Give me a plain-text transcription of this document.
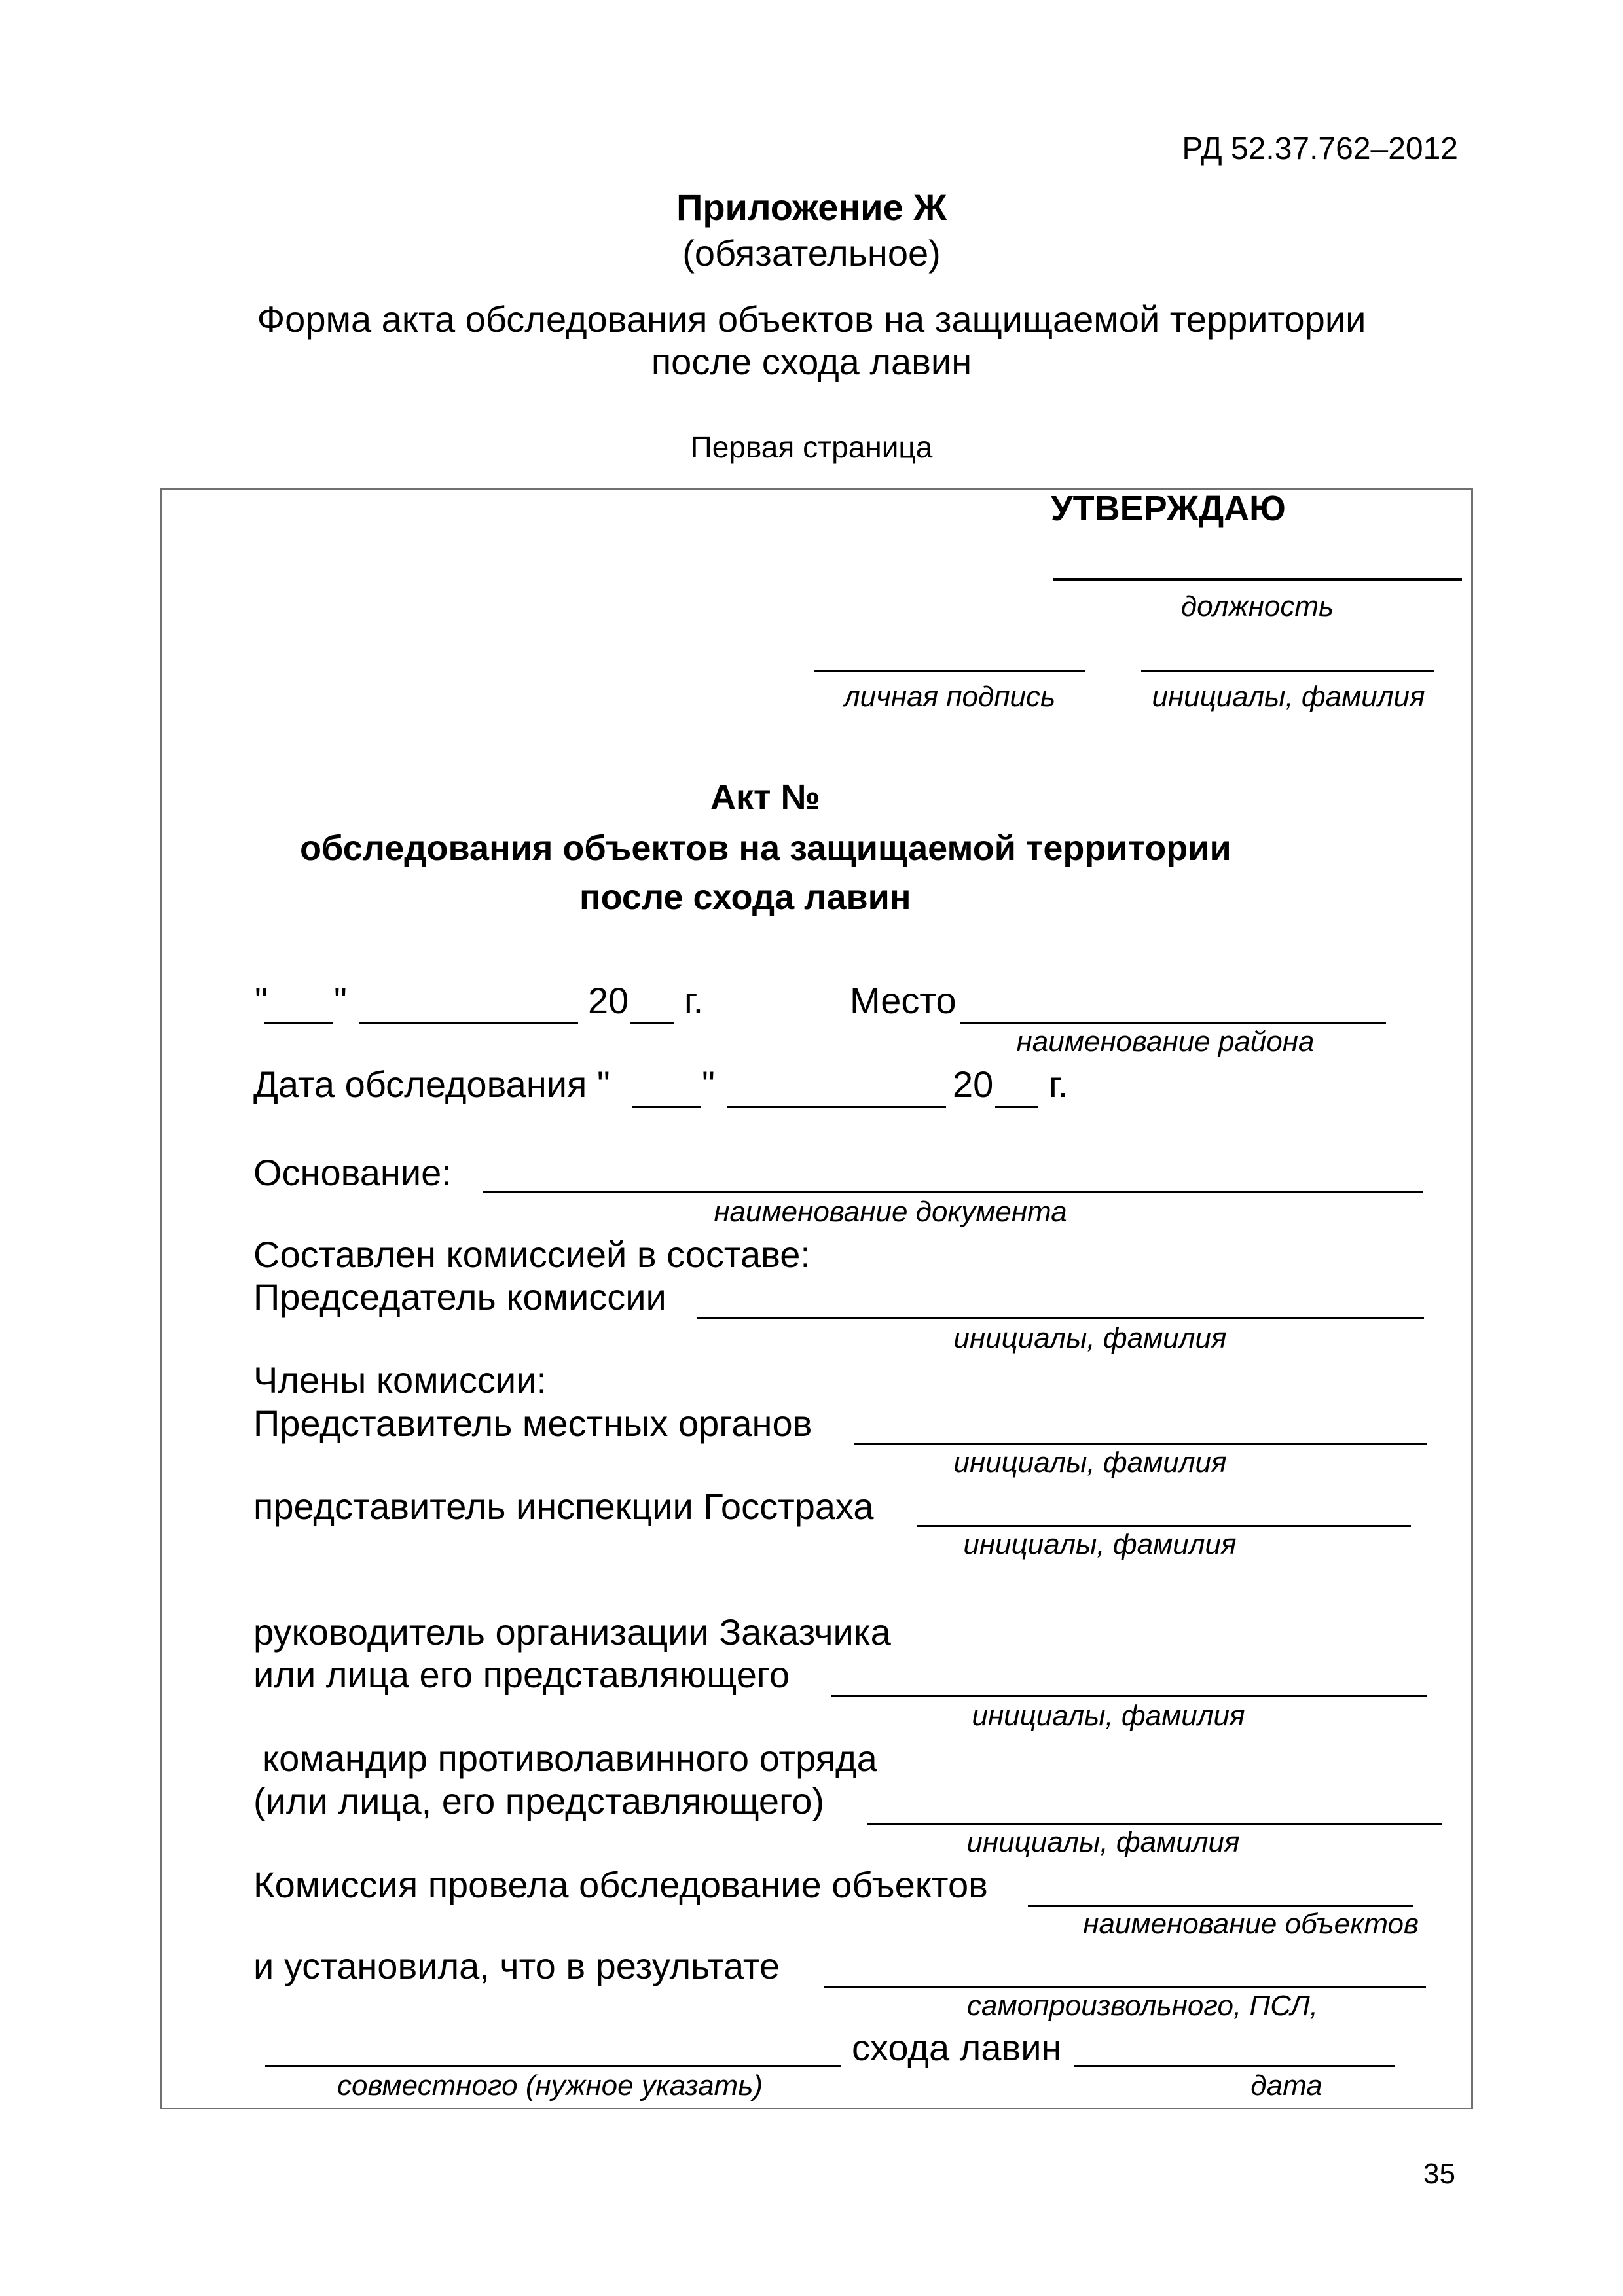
РД 52.37.762–2012
Приложение Ж
(обязательное)
Форма акта обследования объектов на защищаемой территории
после схода лавин
Первая страница
УТВЕРЖДАЮ
должность
личная подпись	инициалы, фамилия
Акт №
обследования объектов на защищаемой территории
после схода лавин
" "	20 г.	Место
наименование района
Дата обследования "	"	20 г.
Основание:
наименование документа
Составлен комиссией в составе:
Председатель комиссии
инициалы, фамилия
Члены комиссии:
Представитель местных органов
инициалы, фамилия
представитель инспекции Госстраха
инициалы, фамилия
руководитель организации Заказчика
или лица его представляющего
инициалы, фамилия
командир противолавинного отряда
(или лица, его представляющего)
инициалы, фамилия
Комиссия провела обследование объектов
наименование объектов
и установила, что в результате
самопроизвольного, ПСЛ,
схода лавин
совместного (нужное указать)	дата
35
